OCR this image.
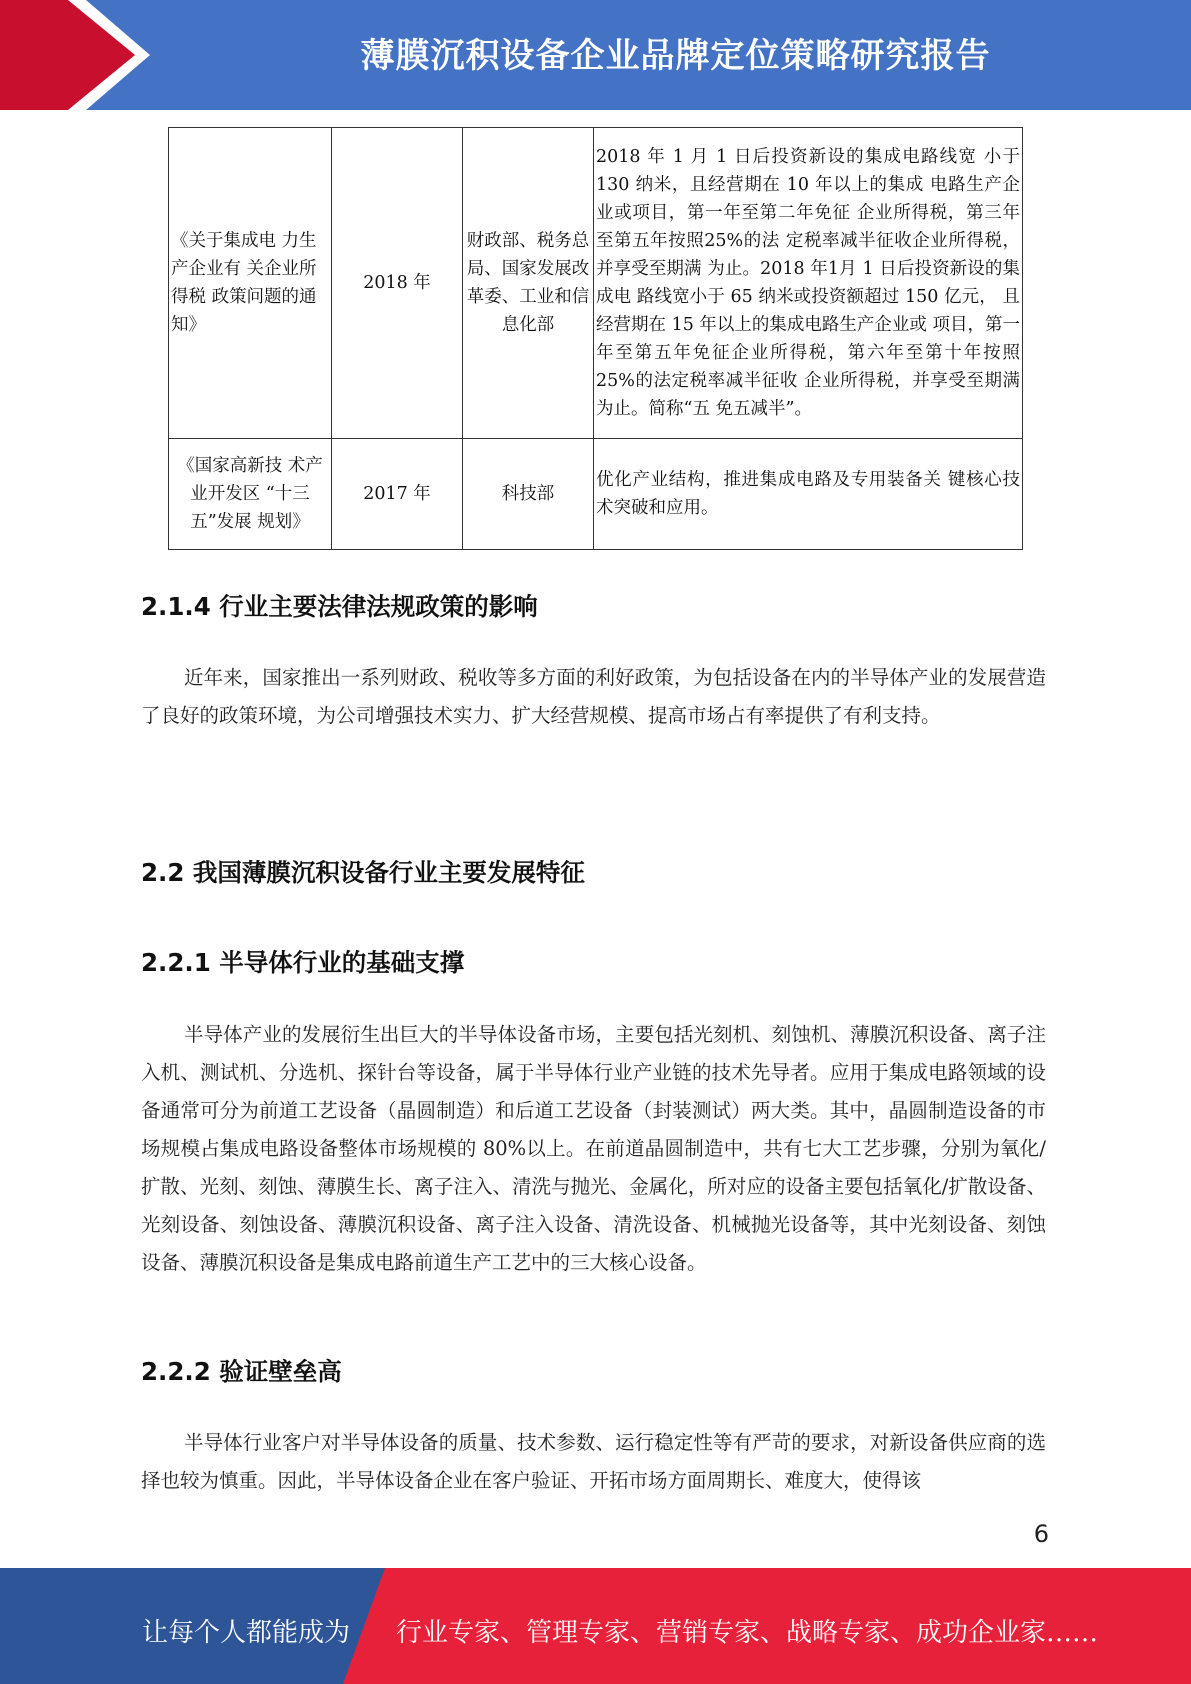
薄膜沉积设备企业品牌定位策略研究报告
《关于集成电 力生产企业有 关企业所得税 政策问题的通 知》	2018 年	财政部、税务总局、国家发展改革委、工业和信息化部	2018 年 1 月 1 日后投资新设的集成电路线宽 小于 130 纳米，且经营期在 10 年以上的集成 电路生产企业或项目，第一年至第二年免征 企业所得税，第三年至第五年按照25%的法 定税率减半征收企业所得税，并享受至期满 为止。2018 年1月 1 日后投资新设的集成电 路线宽小于 65 纳米或投资额超过 150 亿元， 且经营期在 15 年以上的集成电路生产企业或 项目，第一年至第五年免征企业所得税，第六年至第十年按照 25%的法定税率减半征收 企业所得税，并享受至期满为止。简称“五 免五减半”。
《国家高新技 术产业开发区 “十三五”发展 规划》	2017 年	科技部	优化产业结构，推进集成电路及专用装备关 键核心技术突破和应用。
2.1.4 行业主要法律法规政策的影响

近年来，国家推出一系列财政、税收等多方面的利好政策，为包括设备在内的半导体产业的发展营造了良好的政策环境，为公司增强技术实力、扩大经营规模、提高市场占有率提供了有利支持。

2.2 我国薄膜沉积设备行业主要发展特征
2.2.1 半导体行业的基础支撑

半导体产业的发展衍生出巨大的半导体设备市场，主要包括光刻机、刻蚀机、薄膜沉积设备、离子注入机、测试机、分选机、探针台等设备，属于半导体行业产业链的技术先导者。应用于集成电路领域的设备通常可分为前道工艺设备（晶圆制造）和后道工艺设备（封装测试）两大类。其中，晶圆制造设备的市场规模占集成电路设备整体市场规模的 80%以上。在前道晶圆制造中，共有七大工艺步骤，分别为氧化/扩散、光刻、刻蚀、薄膜生长、离子注入、清洗与抛光、金属化，所对应的设备主要包括氧化/扩散设备、光刻设备、刻蚀设备、薄膜沉积设备、离子注入设备、清洗设备、机械抛光设备等，其中光刻设备、刻蚀设备、薄膜沉积设备是集成电路前道生产工艺中的三大核心设备。

2.2.2 验证壁垒高

半导体行业客户对半导体设备的质量、技术参数、运行稳定性等有严苛的要求，对新设备供应商的选择也较为慎重。因此，半导体设备企业在客户验证、开拓市场方面周期长、难度大，使得该

6
让每个人都能成为 行业专家、管理专家、营销专家、战略专家、成功企业家……
